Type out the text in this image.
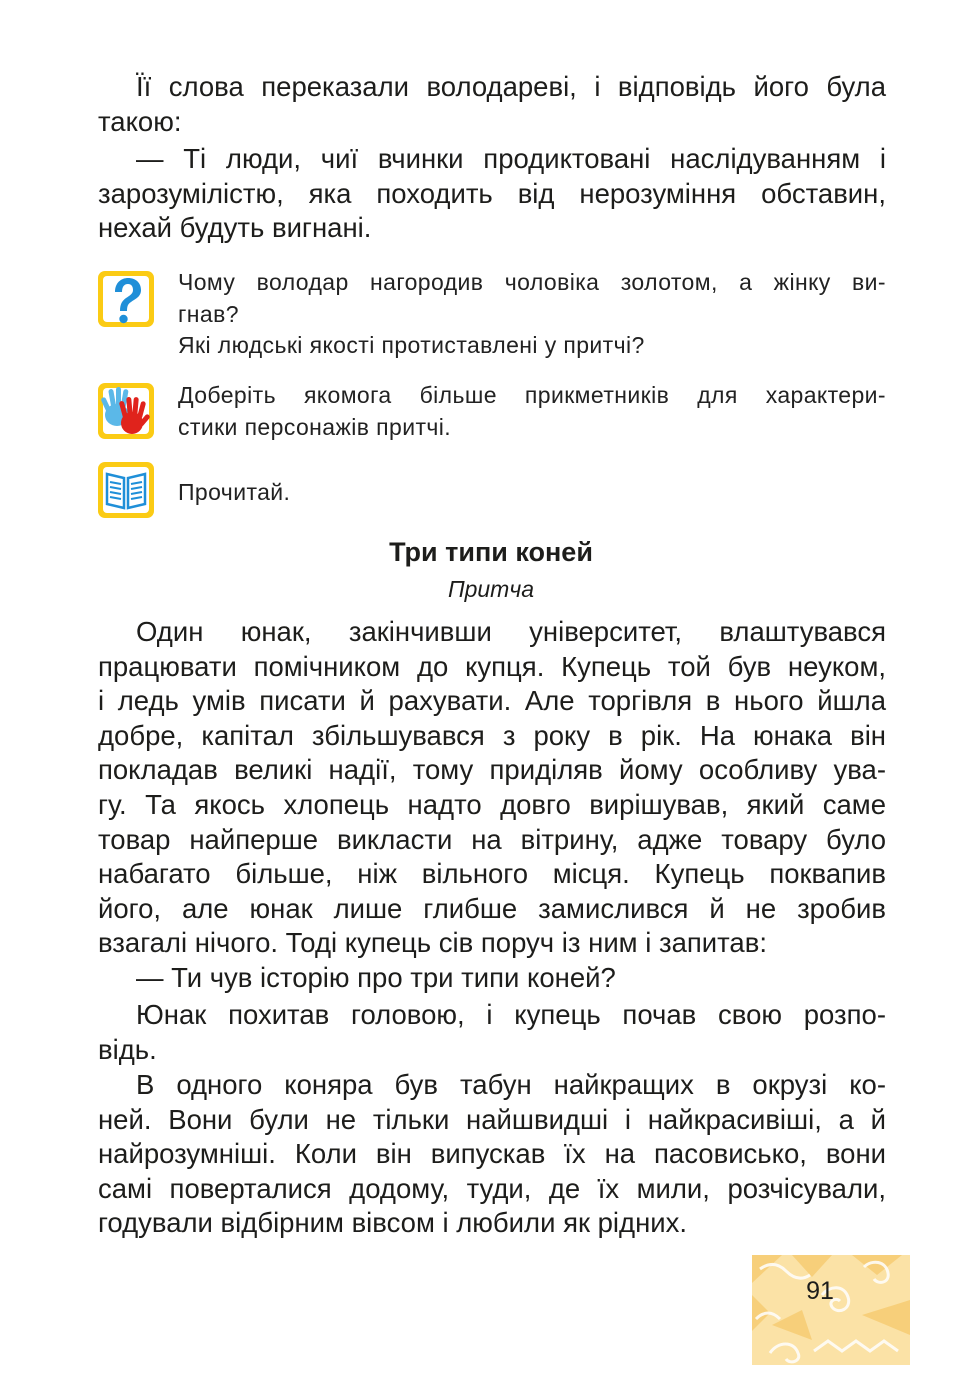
Її слова переказали володареві, і відповідь його була
такою:

— Ті люди, чиї вчинки продиктовані наслідуванням і
зарозумілістю, яка походить від нерозуміння обставин,
нехай будуть вигнані.

Чому володар нагородив чоловіка золотом, а жінку ви-
гнав?
Які людські якості протиставлені у притчі?

Доберіть якомога більше прикметників для характери-
стики персонажів притчі.

Прочитай.

Три типи коней
Притча

Один юнак, закінчивши університет, влаштувався
працювати помічником до купця. Купець той був неуком,
і ледь умів писати й рахувати. Але торгівля в нього йшла
добре, капітал збільшувався з року в рік. На юнака він
покладав великі надії, тому приділяв йому особливу ува-
гу. Та якось хлопець надто довго вирішував, який саме
товар найперше викласти на вітрину, адже товару було
набагато більше, ніж вільного місця. Купець поквапив
його, але юнак лише глибше замислився й не зробив
взагалі нічого. Тоді купець сів поруч із ним і запитав:

— Ти чув історію про три типи коней?

Юнак похитав головою, і купець почав свою розпо-
відь.

В одного коняра був табун найкращих в окрузі ко-
ней. Вони були не тільки найшвидші і найкрасивіші, а й
найрозумніші. Коли він випускав їх на пасовисько, вони
самі поверталися додому, туди, де їх мили, розчісували,
годували відбірним вівсом і любили як рідних.

91
